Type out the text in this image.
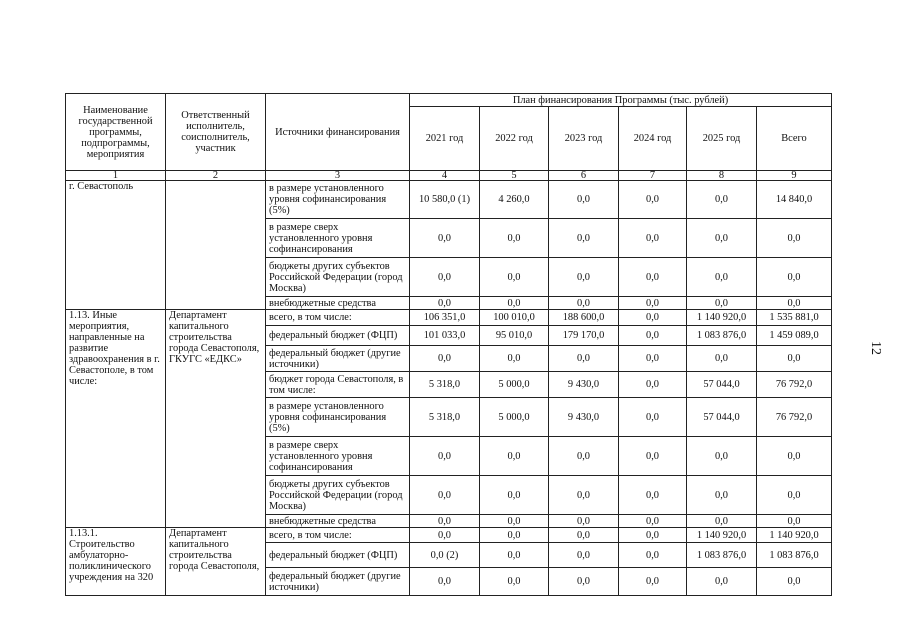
Наименование государственной программы, подпрограммы, мероприятия	Ответственный исполнитель, соисполнитель, участник	Источники финансирования	План финансирования Программы (тыс. рублей)					
			2021 год	2022 год	2023 год	2024 год	2025 год	Всего
1	2	3	4	5	6	7	8	9
г. Севастополь		в размере установленного уровня софинансирования (5%)	10 580,0 (1)	4 260,0	0,0	0,0	0,0	14 840,0
		в размере сверх установленного уровня софинансирования	0,0	0,0	0,0	0,0	0,0	0,0
		бюджеты других субъектов Российской Федерации (город Москва)	0,0	0,0	0,0	0,0	0,0	0,0
		внебюджетные средства	0,0	0,0	0,0	0,0	0,0	0,0
1.13. Иные мероприятия, направленные на развитие здравоохранения в г. Севастополе, в том числе:	Департамент капитального строительства города Севастополя, ГКУГС «ЕДКС»	всего, в том числе:	106 351,0	100 010,0	188 600,0	0,0	1 140 920,0	1 535 881,0
		федеральный бюджет (ФЦП)	101 033,0	95 010,0	179 170,0	0,0	1 083 876,0	1 459 089,0
		федеральный бюджет (другие источники)	0,0	0,0	0,0	0,0	0,0	0,0
		бюджет города Севастополя, в том числе:	5 318,0	5 000,0	9 430,0	0,0	57 044,0	76 792,0
		в размере установленного уровня софинансирования (5%)	5 318,0	5 000,0	9 430,0	0,0	57 044,0	76 792,0
		в размере сверх установленного уровня софинансирования	0,0	0,0	0,0	0,0	0,0	0,0
		бюджеты других субъектов Российской Федерации (город Москва)	0,0	0,0	0,0	0,0	0,0	0,0
		внебюджетные средства	0,0	0,0	0,0	0,0	0,0	0,0
1.13.1. Строительство амбулаторно-поликлинического учреждения на 320	Департамент капитального строительства города Севастополя,	всего, в том числе:	0,0	0,0	0,0	0,0	1 140 920,0	1 140 920,0
		федеральный бюджет (ФЦП)	0,0 (2)	0,0	0,0	0,0	1 083 876,0	1 083 876,0
		федеральный бюджет (другие источники)	0,0	0,0	0,0	0,0	0,0	0,0
12
